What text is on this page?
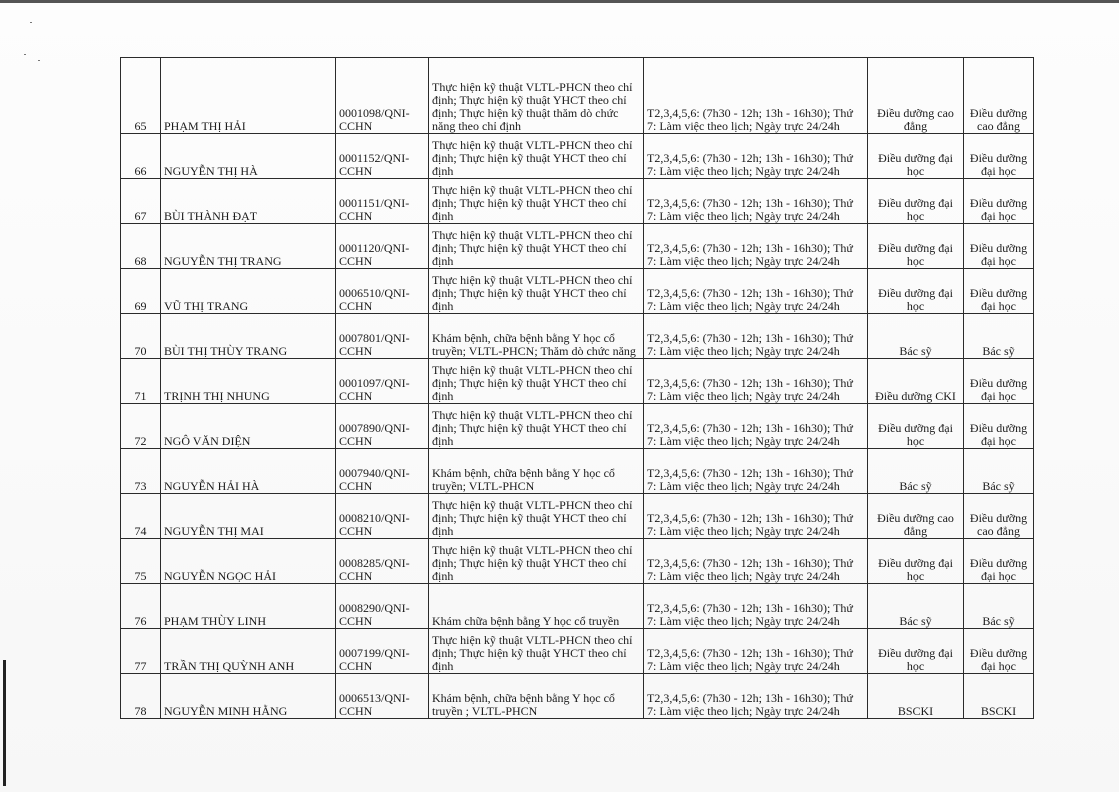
65	PHẠM THỊ HẢI	0001098/QNI-CCHN	Thực hiện kỹ thuật VLTL-PHCN theo chỉ định; Thực hiện kỹ thuật YHCT theo chỉ định; Thực hiện kỹ thuật thăm dò chức năng theo chỉ định	T2,3,4,5,6: (7h30 - 12h; 13h - 16h30); Thứ 7: Làm việc theo lịch; Ngày trực 24/24h	Điều dưỡng cao đẳng	Điều dưỡng cao đẳng
66	NGUYỄN THỊ HÀ	0001152/QNI-CCHN	Thực hiện kỹ thuật VLTL-PHCN theo chỉ định; Thực hiện kỹ thuật YHCT theo chỉ định	T2,3,4,5,6: (7h30 - 12h; 13h - 16h30); Thứ 7: Làm việc theo lịch; Ngày trực 24/24h	Điều dưỡng đại học	Điều dưỡng đại học
67	BÙI THÀNH ĐẠT	0001151/QNI-CCHN	Thực hiện kỹ thuật VLTL-PHCN theo chỉ định; Thực hiện kỹ thuật YHCT theo chỉ định	T2,3,4,5,6: (7h30 - 12h; 13h - 16h30); Thứ 7: Làm việc theo lịch; Ngày trực 24/24h	Điều dưỡng đại học	Điều dưỡng đại học
68	NGUYỄN THỊ TRANG	0001120/QNI-CCHN	Thực hiện kỹ thuật VLTL-PHCN theo chỉ định; Thực hiện kỹ thuật YHCT theo chỉ định	T2,3,4,5,6: (7h30 - 12h; 13h - 16h30); Thứ 7: Làm việc theo lịch; Ngày trực 24/24h	Điều dưỡng đại học	Điều dưỡng đại học
69	VŨ THỊ TRANG	0006510/QNI-CCHN	Thực hiện kỹ thuật VLTL-PHCN theo chỉ định; Thực hiện kỹ thuật YHCT theo chỉ định	T2,3,4,5,6: (7h30 - 12h; 13h - 16h30); Thứ 7: Làm việc theo lịch; Ngày trực 24/24h	Điều dưỡng đại học	Điều dưỡng đại học
70	BÙI THỊ THÙY TRANG	0007801/QNI-CCHN	Khám bệnh, chữa bệnh bằng Y học cổ truyền; VLTL-PHCN; Thăm dò chức năng	T2,3,4,5,6: (7h30 - 12h; 13h - 16h30); Thứ 7: Làm việc theo lịch; Ngày trực 24/24h	Bác sỹ	Bác sỹ
71	TRỊNH THỊ NHUNG	0001097/QNI-CCHN	Thực hiện kỹ thuật VLTL-PHCN theo chỉ định; Thực hiện kỹ thuật YHCT theo chỉ định	T2,3,4,5,6: (7h30 - 12h; 13h - 16h30); Thứ 7: Làm việc theo lịch; Ngày trực 24/24h	Điều dưỡng CKI	Điều dưỡng đại học
72	NGÔ VĂN DIỆN	0007890/QNI-CCHN	Thực hiện kỹ thuật VLTL-PHCN theo chỉ định; Thực hiện kỹ thuật YHCT theo chỉ định	T2,3,4,5,6: (7h30 - 12h; 13h - 16h30); Thứ 7: Làm việc theo lịch; Ngày trực 24/24h	Điều dưỡng đại học	Điều dưỡng đại học
73	NGUYỄN HẢI HÀ	0007940/QNI-CCHN	Khám bệnh, chữa bệnh bằng Y học cổ truyền; VLTL-PHCN	T2,3,4,5,6: (7h30 - 12h; 13h - 16h30); Thứ 7: Làm việc theo lịch; Ngày trực 24/24h	Bác sỹ	Bác sỹ
74	NGUYỄN THỊ MAI	0008210/QNI-CCHN	Thực hiện kỹ thuật VLTL-PHCN theo chỉ định; Thực hiện kỹ thuật YHCT theo chỉ định	T2,3,4,5,6: (7h30 - 12h; 13h - 16h30); Thứ 7: Làm việc theo lịch; Ngày trực 24/24h	Điều dưỡng cao đẳng	Điều dưỡng cao đẳng
75	NGUYỄN NGỌC HẢI	0008285/QNI-CCHN	Thực hiện kỹ thuật VLTL-PHCN theo chỉ định; Thực hiện kỹ thuật YHCT theo chỉ định	T2,3,4,5,6: (7h30 - 12h; 13h - 16h30); Thứ 7: Làm việc theo lịch; Ngày trực 24/24h	Điều dưỡng đại học	Điều dưỡng đại học
76	PHẠM THÙY LINH	0008290/QNI-CCHN	Khám chữa bệnh bằng Y học cổ truyền	T2,3,4,5,6: (7h30 - 12h; 13h - 16h30); Thứ 7: Làm việc theo lịch; Ngày trực 24/24h	Bác sỹ	Bác sỹ
77	TRẦN THỊ QUỲNH ANH	0007199/QNI-CCHN	Thực hiện kỹ thuật VLTL-PHCN theo chỉ định; Thực hiện kỹ thuật YHCT theo chỉ định	T2,3,4,5,6: (7h30 - 12h; 13h - 16h30); Thứ 7: Làm việc theo lịch; Ngày trực 24/24h	Điều dưỡng đại học	Điều dưỡng đại học
78	NGUYỄN MINH HẰNG	0006513/QNI-CCHN	Khám bệnh, chữa bệnh bằng Y học cổ truyền ; VLTL-PHCN	T2,3,4,5,6: (7h30 - 12h; 13h - 16h30); Thứ 7: Làm việc theo lịch; Ngày trực 24/24h	BSCKI	BSCKI
